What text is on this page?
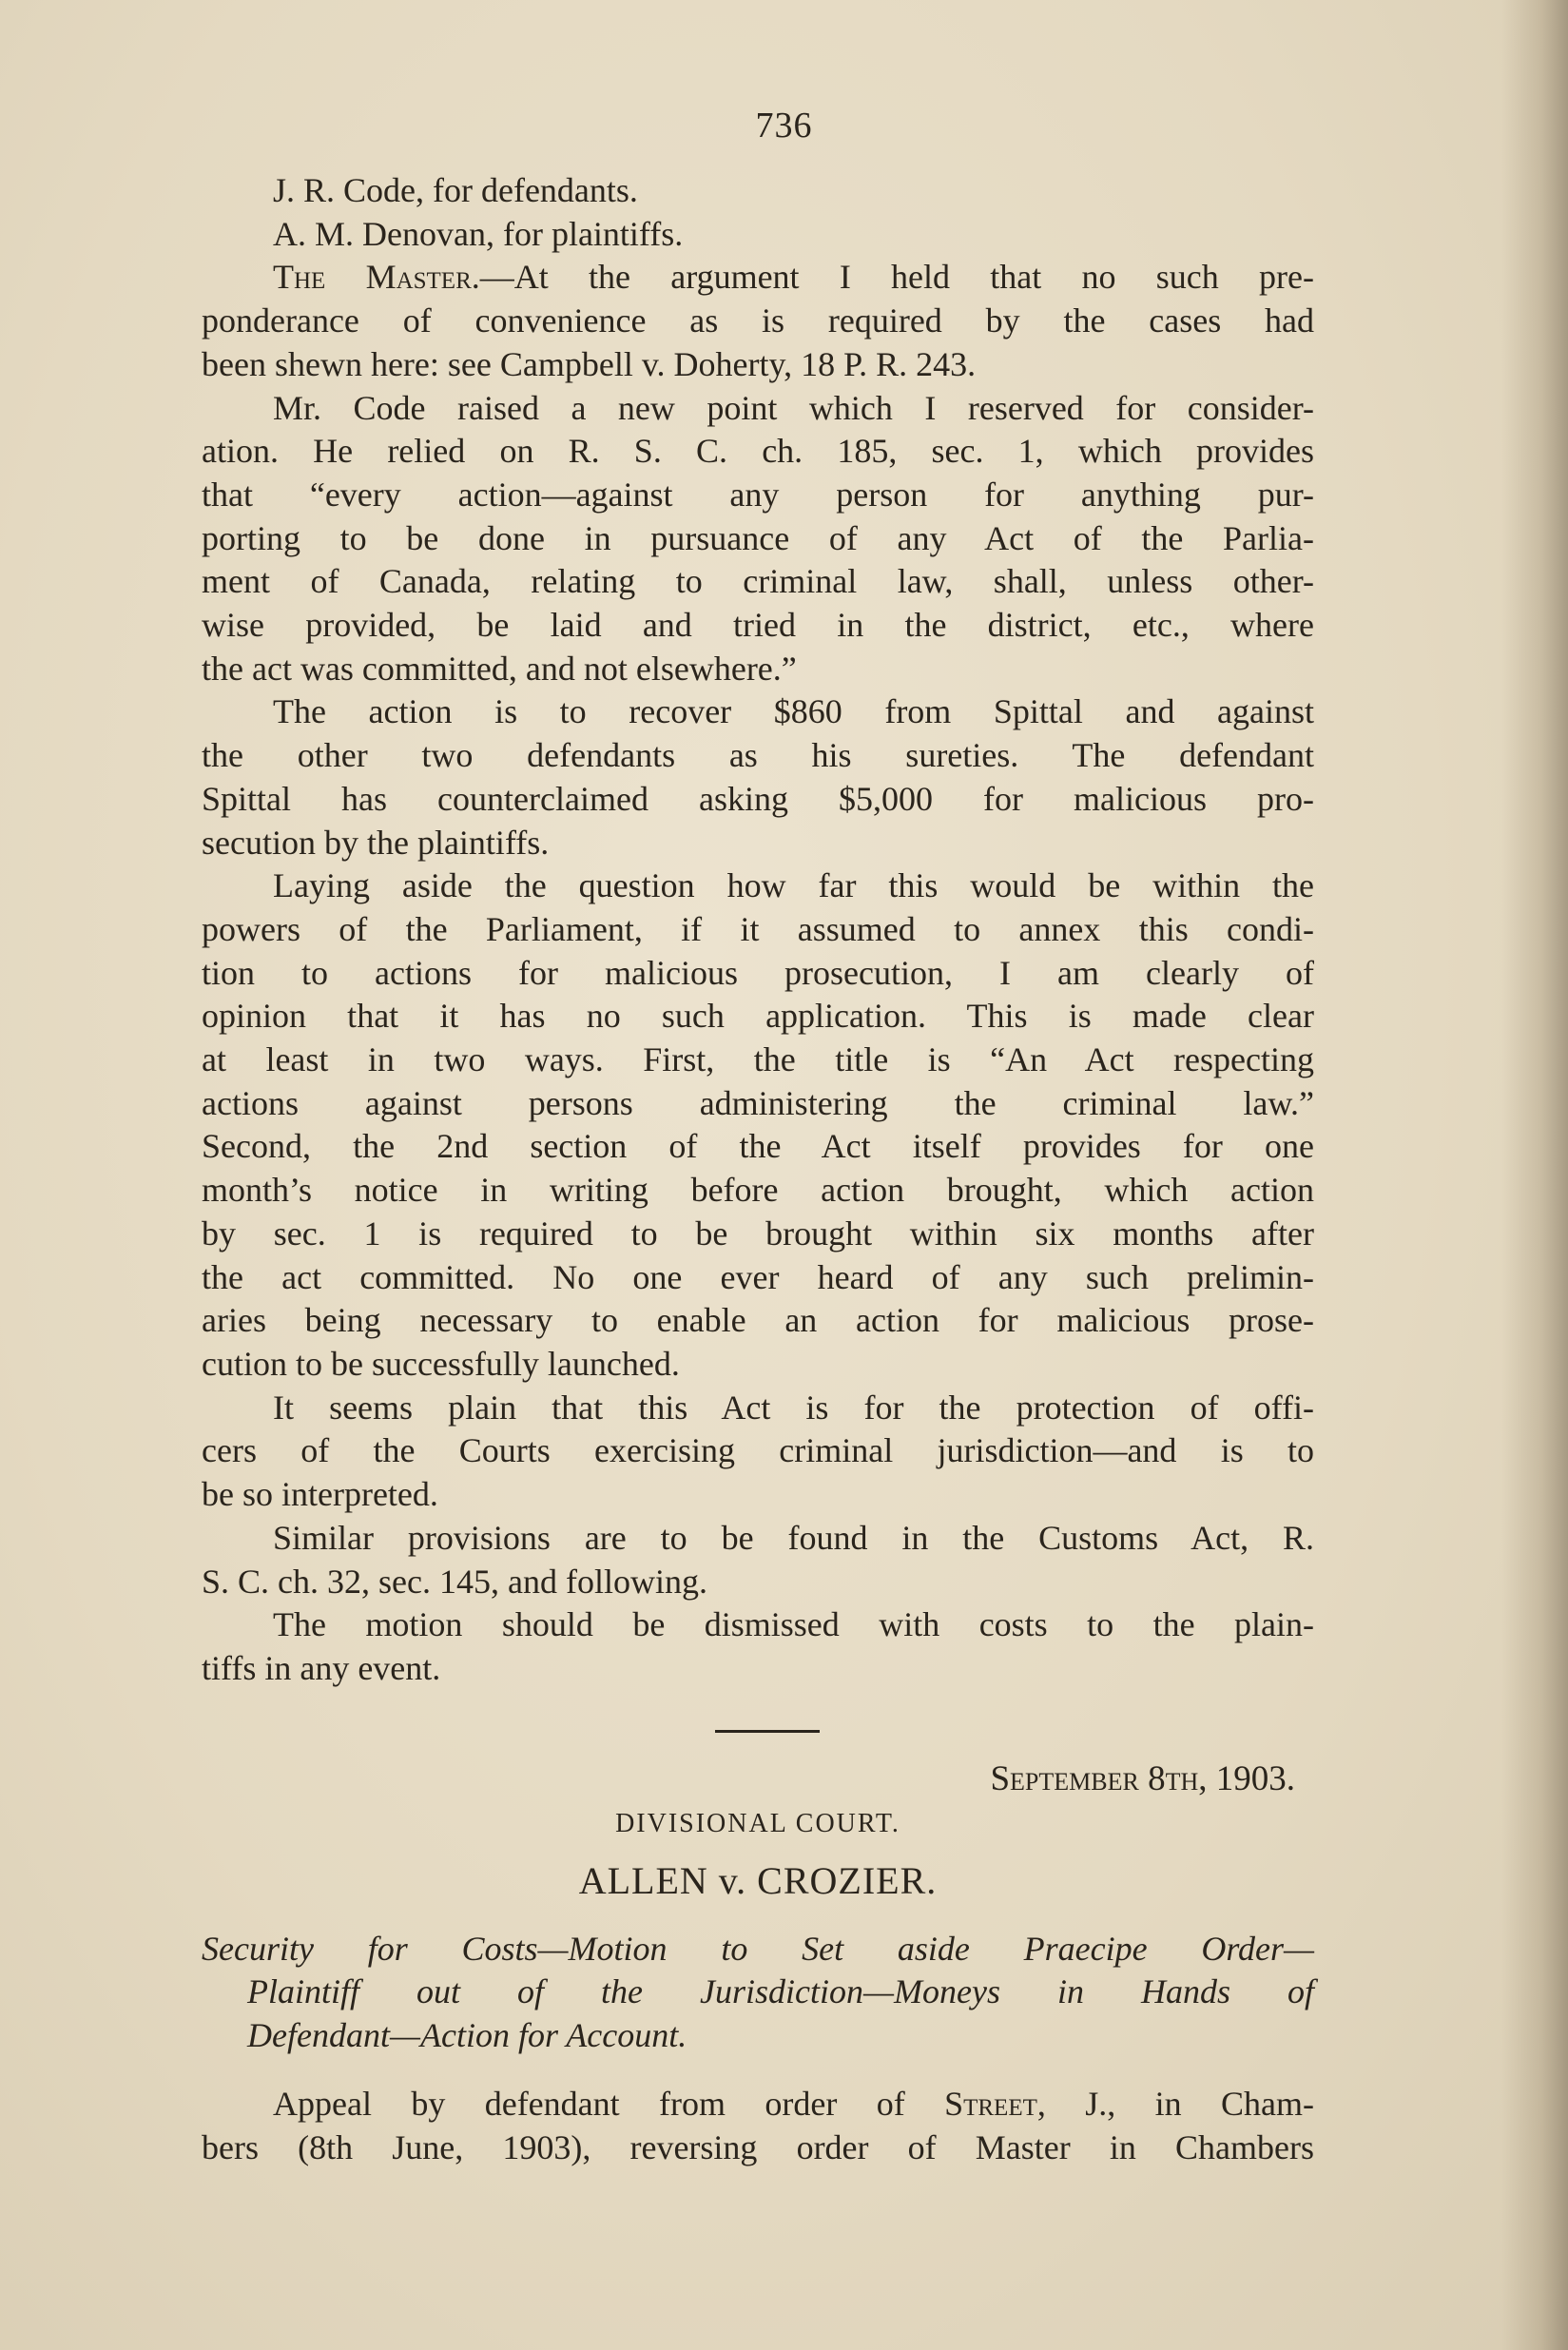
736
J. R. Code, for defendants.
A. M. Denovan, for plaintiffs.
The Master.—At the argument I held that no such pre-
ponderance of convenience as is required by the cases had
been shewn here: see Campbell v. Doherty, 18 P. R. 243.
Mr. Code raised a new point which I reserved for consider-
ation. He relied on R. S. C. ch. 185, sec. 1, which provides
that “every action—against any person for anything pur-
porting to be done in pursuance of any Act of the Parlia-
ment of Canada, relating to criminal law, shall, unless other-
wise provided, be laid and tried in the district, etc., where
the act was committed, and not elsewhere.”
The action is to recover $860 from Spittal and against
the other two defendants as his sureties. The defendant
Spittal has counterclaimed asking $5,000 for malicious pro-
secution by the plaintiffs.
Laying aside the question how far this would be within the
powers of the Parliament, if it assumed to annex this condi-
tion to actions for malicious prosecution, I am clearly of
opinion that it has no such application. This is made clear
at least in two ways. First, the title is “An Act respecting
actions against persons administering the criminal law.”
Second, the 2nd section of the Act itself provides for one
month’s notice in writing before action brought, which action
by sec. 1 is required to be brought within six months after
the act committed. No one ever heard of any such prelimin-
aries being necessary to enable an action for malicious prose-
cution to be successfully launched.
It seems plain that this Act is for the protection of offi-
cers of the Courts exercising criminal jurisdiction—and is to
be so interpreted.
Similar provisions are to be found in the Customs Act, R.
S. C. ch. 32, sec. 145, and following.
The motion should be dismissed with costs to the plain-
tiffs in any event.
September 8th, 1903.
DIVISIONAL COURT.
ALLEN v. CROZIER.
Security for Costs—Motion to Set aside Praecipe Order—
Plaintiff out of the Jurisdiction—Moneys in Hands of
Defendant—Action for Account.
Appeal by defendant from order of Street, J., in Cham-
bers (8th June, 1903), reversing order of Master in Chambers
